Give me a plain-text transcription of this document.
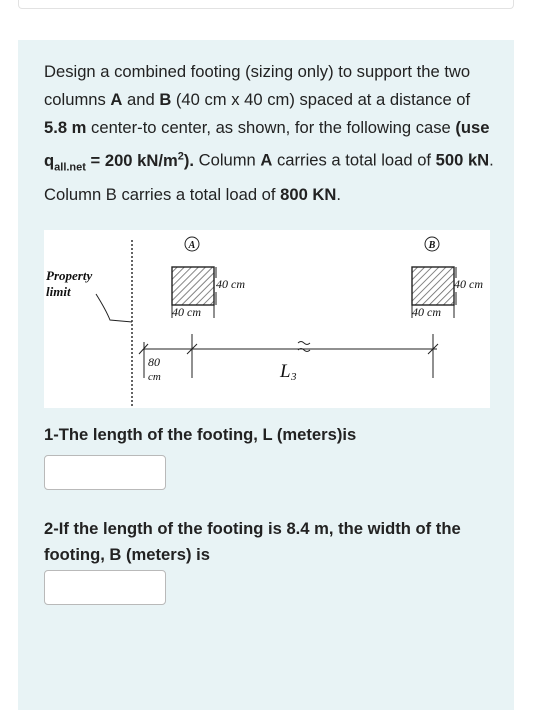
Design a combined footing (sizing only) to support the two columns A and B (40 cm x 40 cm) spaced at a distance of 5.8 m center-to center, as shown, for the following case (use $q_{all.net} = 200$ $kN/m^2$). Column A carries a total load of 500 kN. Column B carries a total load of 800 KN.
Property
limit
A
40 cm
40 cm
B
40 cm
40 cm
80
cm	L 3
1-The length of the footing, L (meters)is
2-If the length of the footing is 8.4 m, the width of the footing, B (meters) is
